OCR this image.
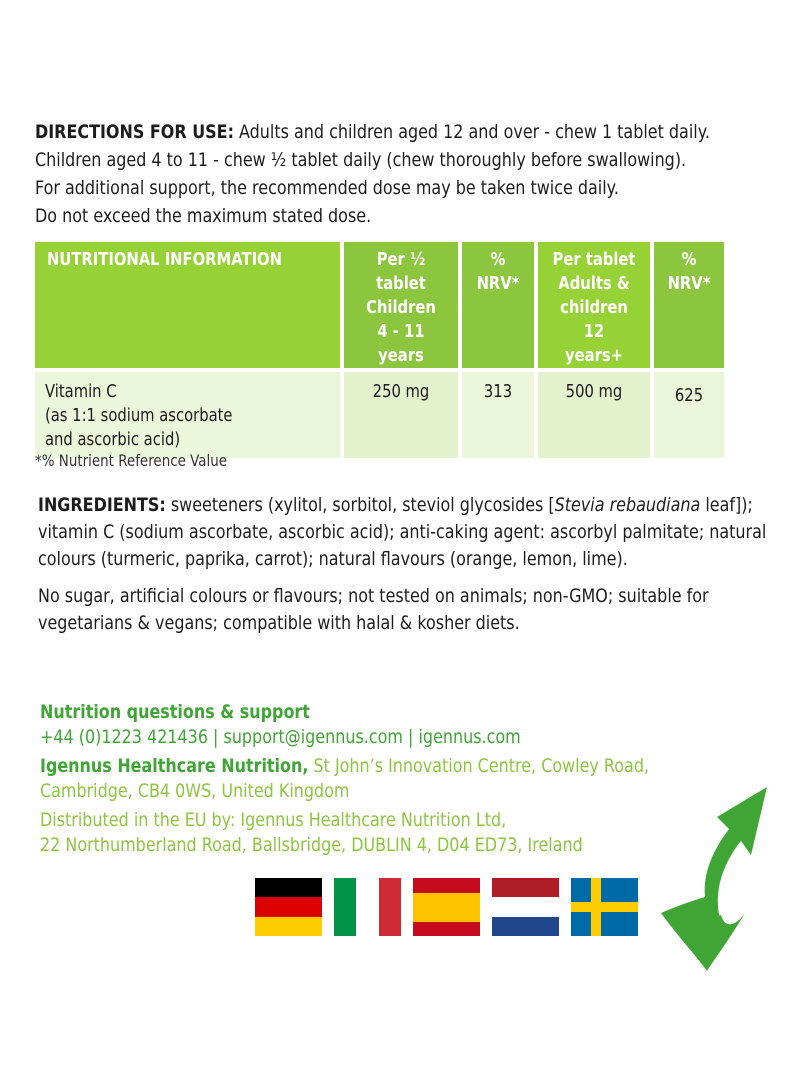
DIRECTIONS FOR USE: Adults and children aged 12 and over - chew 1 tablet daily.
Children aged 4 to 11 - chew ½ tablet daily (chew thoroughly before swallowing).
For additional support, the recommended dose may be taken twice daily.
Do not exceed the maximum stated dose.
NUTRITIONAL INFORMATION		Per ½ tablet
Children
4 - 11 years		% NRV*		Per tablet
Adults &
children 12
years+		% NRV*

Vitamin C
(as 1:1 sodium ascorbate
and ascorbic acid)		250 mg		313		500 mg		625
*% Nutrient Reference Value

INGREDIENTS: sweeteners (xylitol, sorbitol, steviol glycosides [Stevia rebaudiana leaf]); vitamin C (sodium ascorbate, ascorbic acid); anti-caking agent: ascorbyl palmitate; natural colours (turmeric, paprika, carrot); natural flavours (orange, lemon, lime).

No sugar, artificial colours or flavours; not tested on animals; non-GMO; suitable for vegetarians & vegans; compatible with halal & kosher diets.

Nutrition questions & support
+44 (0)1223 421436 | support@igennus.com | igennus.com
Igennus Healthcare Nutrition, St John’s Innovation Centre, Cowley Road,
Cambridge, CB4 0WS, United Kingdom
Distributed in the EU by: Igennus Healthcare Nutrition Ltd,
22 Northumberland Road, Ballsbridge, DUBLIN 4, D04 ED73, Ireland
